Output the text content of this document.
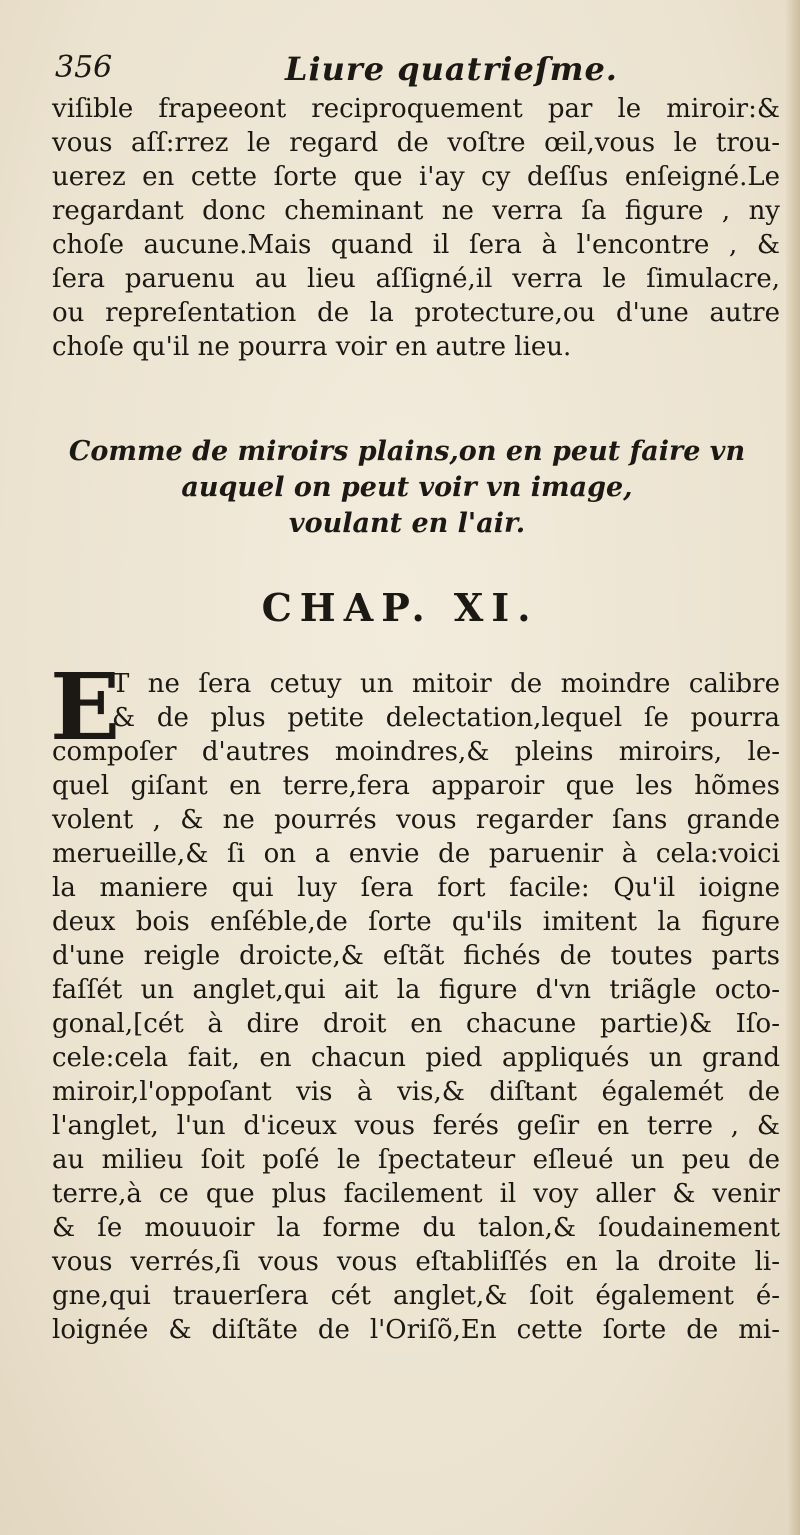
356	Liure quatrieſme.
viſible frapeeont reciproquement par le miroir:&
vous aſſ:rrez le regard de voſtre œil,vous le trou-
uerez en cette ſorte que i'ay cy deſſus enſeigné.Le
regardant donc cheminant ne verra ſa figure , ny
choſe aucune.Mais quand il ſera à l'encontre , &
ſera paruenu au lieu aſſigné,il verra le ſimulacre,
ou repreſentation de la protecture,ou d'une autre
choſe qu'il ne pourra voir en autre lieu.
Comme de miroirs plains,on en peut faire vn
auquel on peut voir vn image,
voulant en l'air.
CHAP. XI.
E
T ne ſera cetuy un mitoir de moindre calibre
& de plus petite delectation,lequel ſe pourra
compoſer d'autres moindres,& pleins miroirs, le-
quel giſant en terre,fera apparoir que les hõmes
volent , & ne pourrés vous regarder ſans grande
merueille,& ſi on a envie de paruenir à cela:voici
la maniere qui luy ſera fort facile: Qu'il ioigne
deux bois enſéble,de ſorte qu'ils imitent la figure
d'une reigle droicte,& eſtãt fichés de toutes parts
faſſét un anglet,qui ait la figure d'vn triãgle octo-
gonal,[cét à dire droit en chacune partie)& Iſo-
cele:cela fait, en chacun pied appliqués un grand
miroir,l'oppoſant vis à vis,& diſtant égalemét de
l'anglet, l'un d'iceux vous ferés geſir en terre , &
au milieu ſoit poſé le ſpectateur eſleué un peu de
terre,à ce que plus facilement il voy aller & venir
& ſe mouuoir la forme du talon,& ſoudainement
vous verrés,ſi vous vous eſtabliſſés en la droite li-
gne,qui trauerſera cét anglet,& ſoit également é-
loignée & diſtãte de l'Oriſõ,En cette ſorte de mi-
